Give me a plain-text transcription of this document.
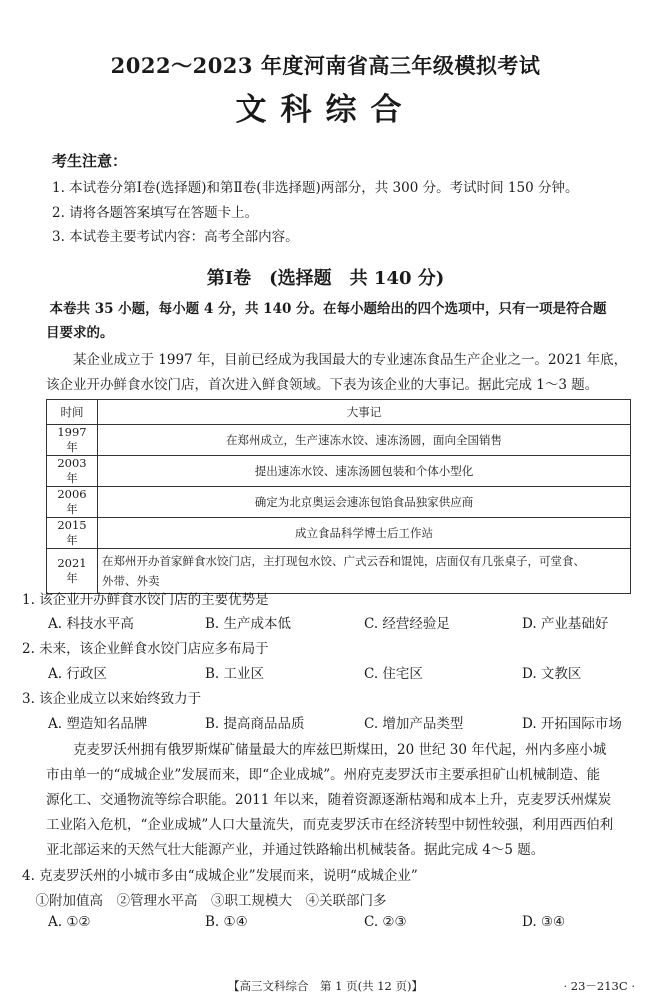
2022～2023 年度河南省高三年级模拟考试
文科综合
考生注意：
1. 本试卷分第Ⅰ卷(选择题)和第Ⅱ卷(非选择题)两部分，共 300 分。考试时间 150 分钟。
2. 请将各题答案填写在答题卡上。
3. 本试卷主要考试内容：高考全部内容。
第Ⅰ卷　(选择题　共 140 分)
　本卷共 35 小题，每小题 4 分，共 140 分。在每小题给出的四个选项中，只有一项是符合题
目要求的。
　　某企业成立于 1997 年，目前已经成为我国最大的专业速冻食品生产企业之一。2021 年底，
该企业开办鲜食水饺门店，首次进入鲜食领域。下表为该企业的大事记。据此完成 1～3 题。
时间	大事记
1997 年	在郑州成立，生产速冻水饺、速冻汤圆，面向全国销售
2003 年	提出速冻水饺、速冻汤圆包装和个体小型化
2006 年	确定为北京奥运会速冻包馅食品独家供应商
2015 年	成立食品科学博士后工作站
2021 年	在郑州开办首家鲜食水饺门店，主打现包水饺、广式云吞和馄饨，店面仅有几张桌子，可堂食、
外带、外卖
1. 该企业开办鲜食水饺门店的主要优势是
A. 科技水平高	B. 生产成本低	C. 经营经验足	D. 产业基础好
2. 未来，该企业鲜食水饺门店应多布局于
A. 行政区	B. 工业区	C. 住宅区	D. 文教区
3. 该企业成立以来始终致力于
A. 塑造知名品牌	B. 提高商品品质	C. 增加产品类型	D. 开拓国际市场
　　克麦罗沃州拥有俄罗斯煤矿储量最大的库兹巴斯煤田，20 世纪 30 年代起，州内多座小城
市由单一的“成城企业”发展而来，即“企业成城”。州府克麦罗沃市主要承担矿山机械制造、能
源化工、交通物流等综合职能。2011 年以来，随着资源逐渐枯竭和成本上升，克麦罗沃州煤炭
工业陷入危机，“企业成城”人口大量流失，而克麦罗沃市在经济转型中韧性较强，利用西西伯利
亚北部运来的天然气壮大能源产业，并通过铁路输出机械装备。据此完成 4～5 题。
4. 克麦罗沃州的小城市多由“成城企业”发展而来，说明“成城企业”
　①附加值高　②管理水平高　③职工规模大　④关联部门多
A. ①②	B. ①④	C. ②③	D. ③④
【高三文科综合　第 1 页(共 12 页)】	· 23－213C ·
